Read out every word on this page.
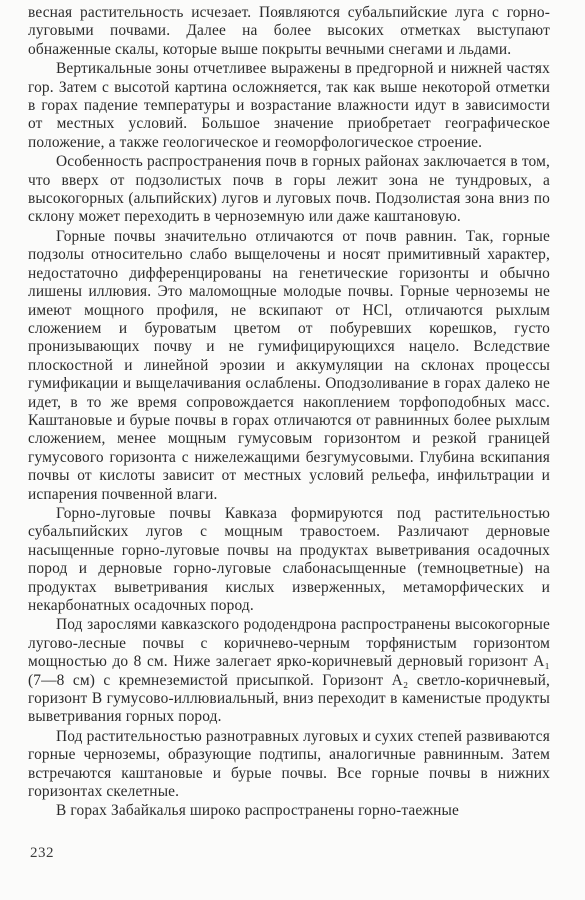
весная растительность исчезает. Появляются субальпийские луга с горно-луговыми почвами. Далее на более высоких отметках выступают обнаженные скалы, которые выше покрыты вечными снегами и льдами.

Вертикальные зоны отчетливее выражены в предгорной и нижней частях гор. Затем с высотой картина осложняется, так как выше некоторой отметки в горах падение температуры и возрастание влажности идут в зависимости от местных условий. Большое значение приобретает географическое положение, а также геологическое и геоморфологическое строение.

Особенность распространения почв в горных районах заключается в том, что вверх от подзолистых почв в горы лежит зона не тундровых, а высокогорных (альпийских) лугов и луговых почв. Подзолистая зона вниз по склону может переходить в черноземную или даже каштановую.

Горные почвы значительно отличаются от почв равнин. Так, горные подзолы относительно слабо выщелочены и носят примитивный характер, недостаточно дифференцированы на генетические горизонты и обычно лишены иллювия. Это маломощные молодые почвы. Горные черноземы не имеют мощного профиля, не вскипают от HCl, отличаются рыхлым сложением и буроватым цветом от побуревших корешков, густо пронизывающих почву и не гумифицирующихся нацело. Вследствие плоскостной и линейной эрозии и аккумуляции на склонах процессы гумификации и выщелачивания ослаблены. Оподзоливание в горах далеко не идет, в то же время сопровождается накоплением торфоподобных масс. Каштановые и бурые почвы в горах отличаются от равнинных более рыхлым сложением, менее мощным гумусовым горизонтом и резкой границей гумусового горизонта с нижележащими безгумусовыми. Глубина вскипания почвы от кислоты зависит от местных условий рельефа, инфильтрации и испарения почвенной влаги.

Горно-луговые почвы Кавказа формируются под растительностью субальпийских лугов с мощным травостоем. Различают дерновые насыщенные горно-луговые почвы на продуктах выветривания осадочных пород и дерновые горно-луговые слабонасыщенные (темноцветные) на продуктах выветривания кислых изверженных, метаморфических и некарбонатных осадочных пород.

Под зарослями кавказского рододендрона распространены высокогорные лугово-лесные почвы с коричнево-черным торфянистым горизонтом мощностью до 8 см. Ниже залегает ярко-коричневый дерновый горизонт A₁ (7—8 см) с кремнеземистой присыпкой. Горизонт A₂ светло-коричневый, горизонт B гумусово-иллювиальный, вниз переходит в каменистые продукты выветривания горных пород.

Под растительностью разнотравных луговых и сухих степей развиваются горные черноземы, образующие подтипы, аналогичные равнинным. Затем встречаются каштановые и бурые почвы. Все горные почвы в нижних горизонтах скелетные.

В горах Забайкалья широко распространены горно-таежные

232
